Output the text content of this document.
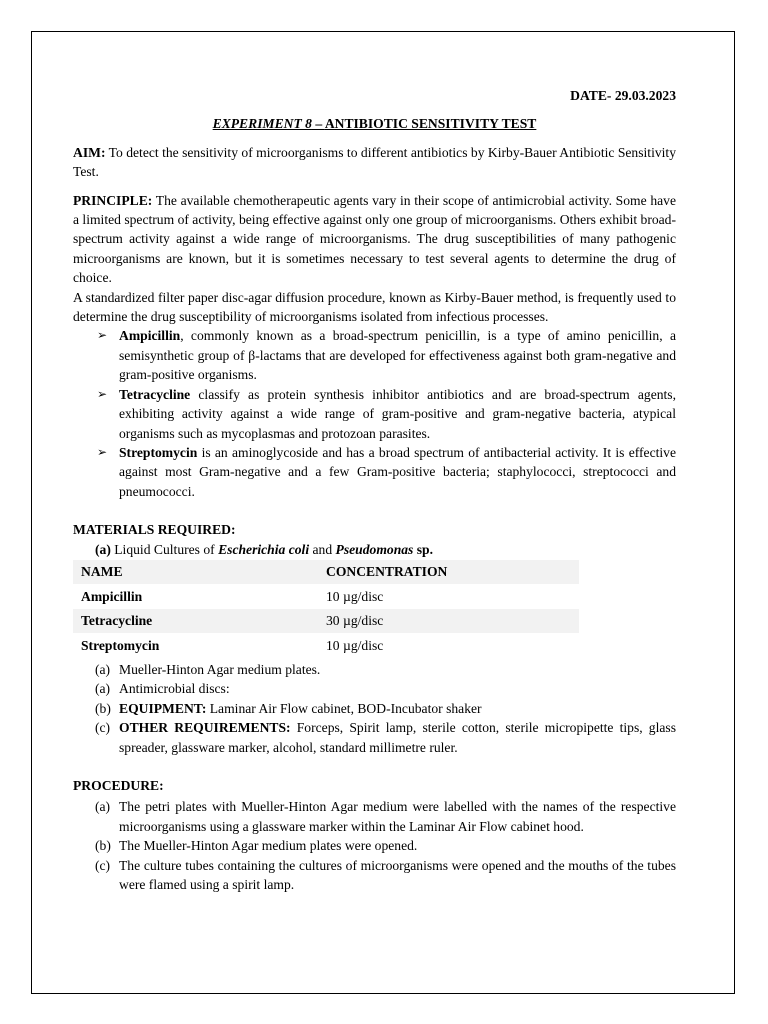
DATE- 29.03.2023
EXPERIMENT 8 – ANTIBIOTIC SENSITIVITY TEST

AIM: To detect the sensitivity of microorganisms to different antibiotics by Kirby-Bauer Antibiotic Sensitivity Test.

PRINCIPLE: The available chemotherapeutic agents vary in their scope of antimicrobial activity. Some have a limited spectrum of activity, being effective against only one group of microorganisms. Others exhibit broad-spectrum activity against a wide range of microorganisms. The drug susceptibilities of many pathogenic microorganisms are known, but it is sometimes necessary to test several agents to determine the drug of choice.

A standardized filter paper disc-agar diffusion procedure, known as Kirby-Bauer method, is frequently used to determine the drug susceptibility of microorganisms isolated from infectious processes.

➢ Ampicillin, commonly known as a broad-spectrum penicillin, is a type of amino penicillin, a semisynthetic group of β-lactams that are developed for effectiveness against both gram-negative and gram-positive organisms.
➢ Tetracycline classify as protein synthesis inhibitor antibiotics and are broad-spectrum agents, exhibiting activity against a wide range of gram-positive and gram-negative bacteria, atypical organisms such as mycoplasmas and protozoan parasites.
➢ Streptomycin is an aminoglycoside and has a broad spectrum of antibacterial activity. It is effective against most Gram-negative and a few Gram-positive bacteria; staphylococci, streptococci and pneumococci.
MATERIALS REQUIRED:
(a) Liquid Cultures of Escherichia coli and Pseudomonas sp.
NAME	CONCENTRATION
Ampicillin	10 µg/disc
Tetracycline	30 µg/disc
Streptomycin	10 µg/disc
(a) Mueller-Hinton Agar medium plates.
(a) Antimicrobial discs:
(b) EQUIPMENT: Laminar Air Flow cabinet, BOD-Incubator shaker
(c) OTHER REQUIREMENTS: Forceps, Spirit lamp, sterile cotton, sterile micropipette tips, glass spreader, glassware marker, alcohol, standard millimetre ruler.
PROCEDURE:
(a) The petri plates with Mueller-Hinton Agar medium were labelled with the names of the respective microorganisms using a glassware marker within the Laminar Air Flow cabinet hood.
(b) The Mueller-Hinton Agar medium plates were opened.
(c) The culture tubes containing the cultures of microorganisms were opened and the mouths of the tubes were flamed using a spirit lamp.
